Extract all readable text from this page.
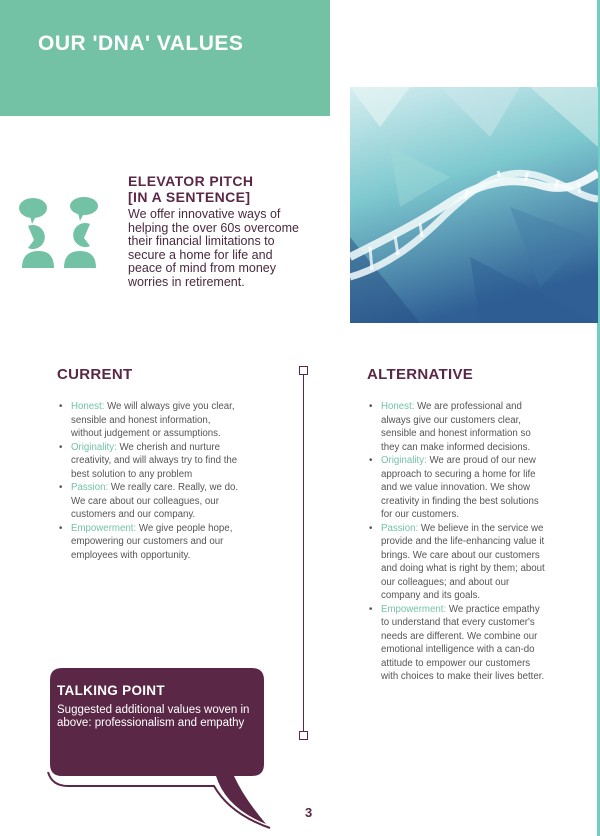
OUR 'DNA' VALUES
ELEVATOR PITCH
[IN A SENTENCE]
We offer innovative ways of helping the over 60s overcome their financial limitations to secure a home for life and peace of mind from money worries in retirement.
CURRENT
• Honest: We will always give you clear, sensible and honest information, without judgement or assumptions.
• Originality: We cherish and nurture creativity, and will always try to find the best solution to any problem
• Passion: We really care. Really, we do. We care about our colleagues, our customers and our company.
• Empowerment: We give people hope, empowering our customers and our employees with opportunity.
ALTERNATIVE
• Honest: We are professional and always give our customers clear, sensible and honest information so they can make informed decisions.
• Originality: We are proud of our new approach to securing a home for life and we value innovation. We show creativity in finding the best solutions for our customers.
• Passion: We believe in the service we provide and the life-enhancing value it brings. We care about our customers and doing what is right by them; about our colleagues; and about our company and its goals.
• Empowerment: We practice empathy to understand that every customer's needs are different. We combine our emotional intelligence with a can-do attitude to empower our customers with choices to make their lives better.
TALKING POINT
Suggested additional values woven in above: professionalism and empathy
3
